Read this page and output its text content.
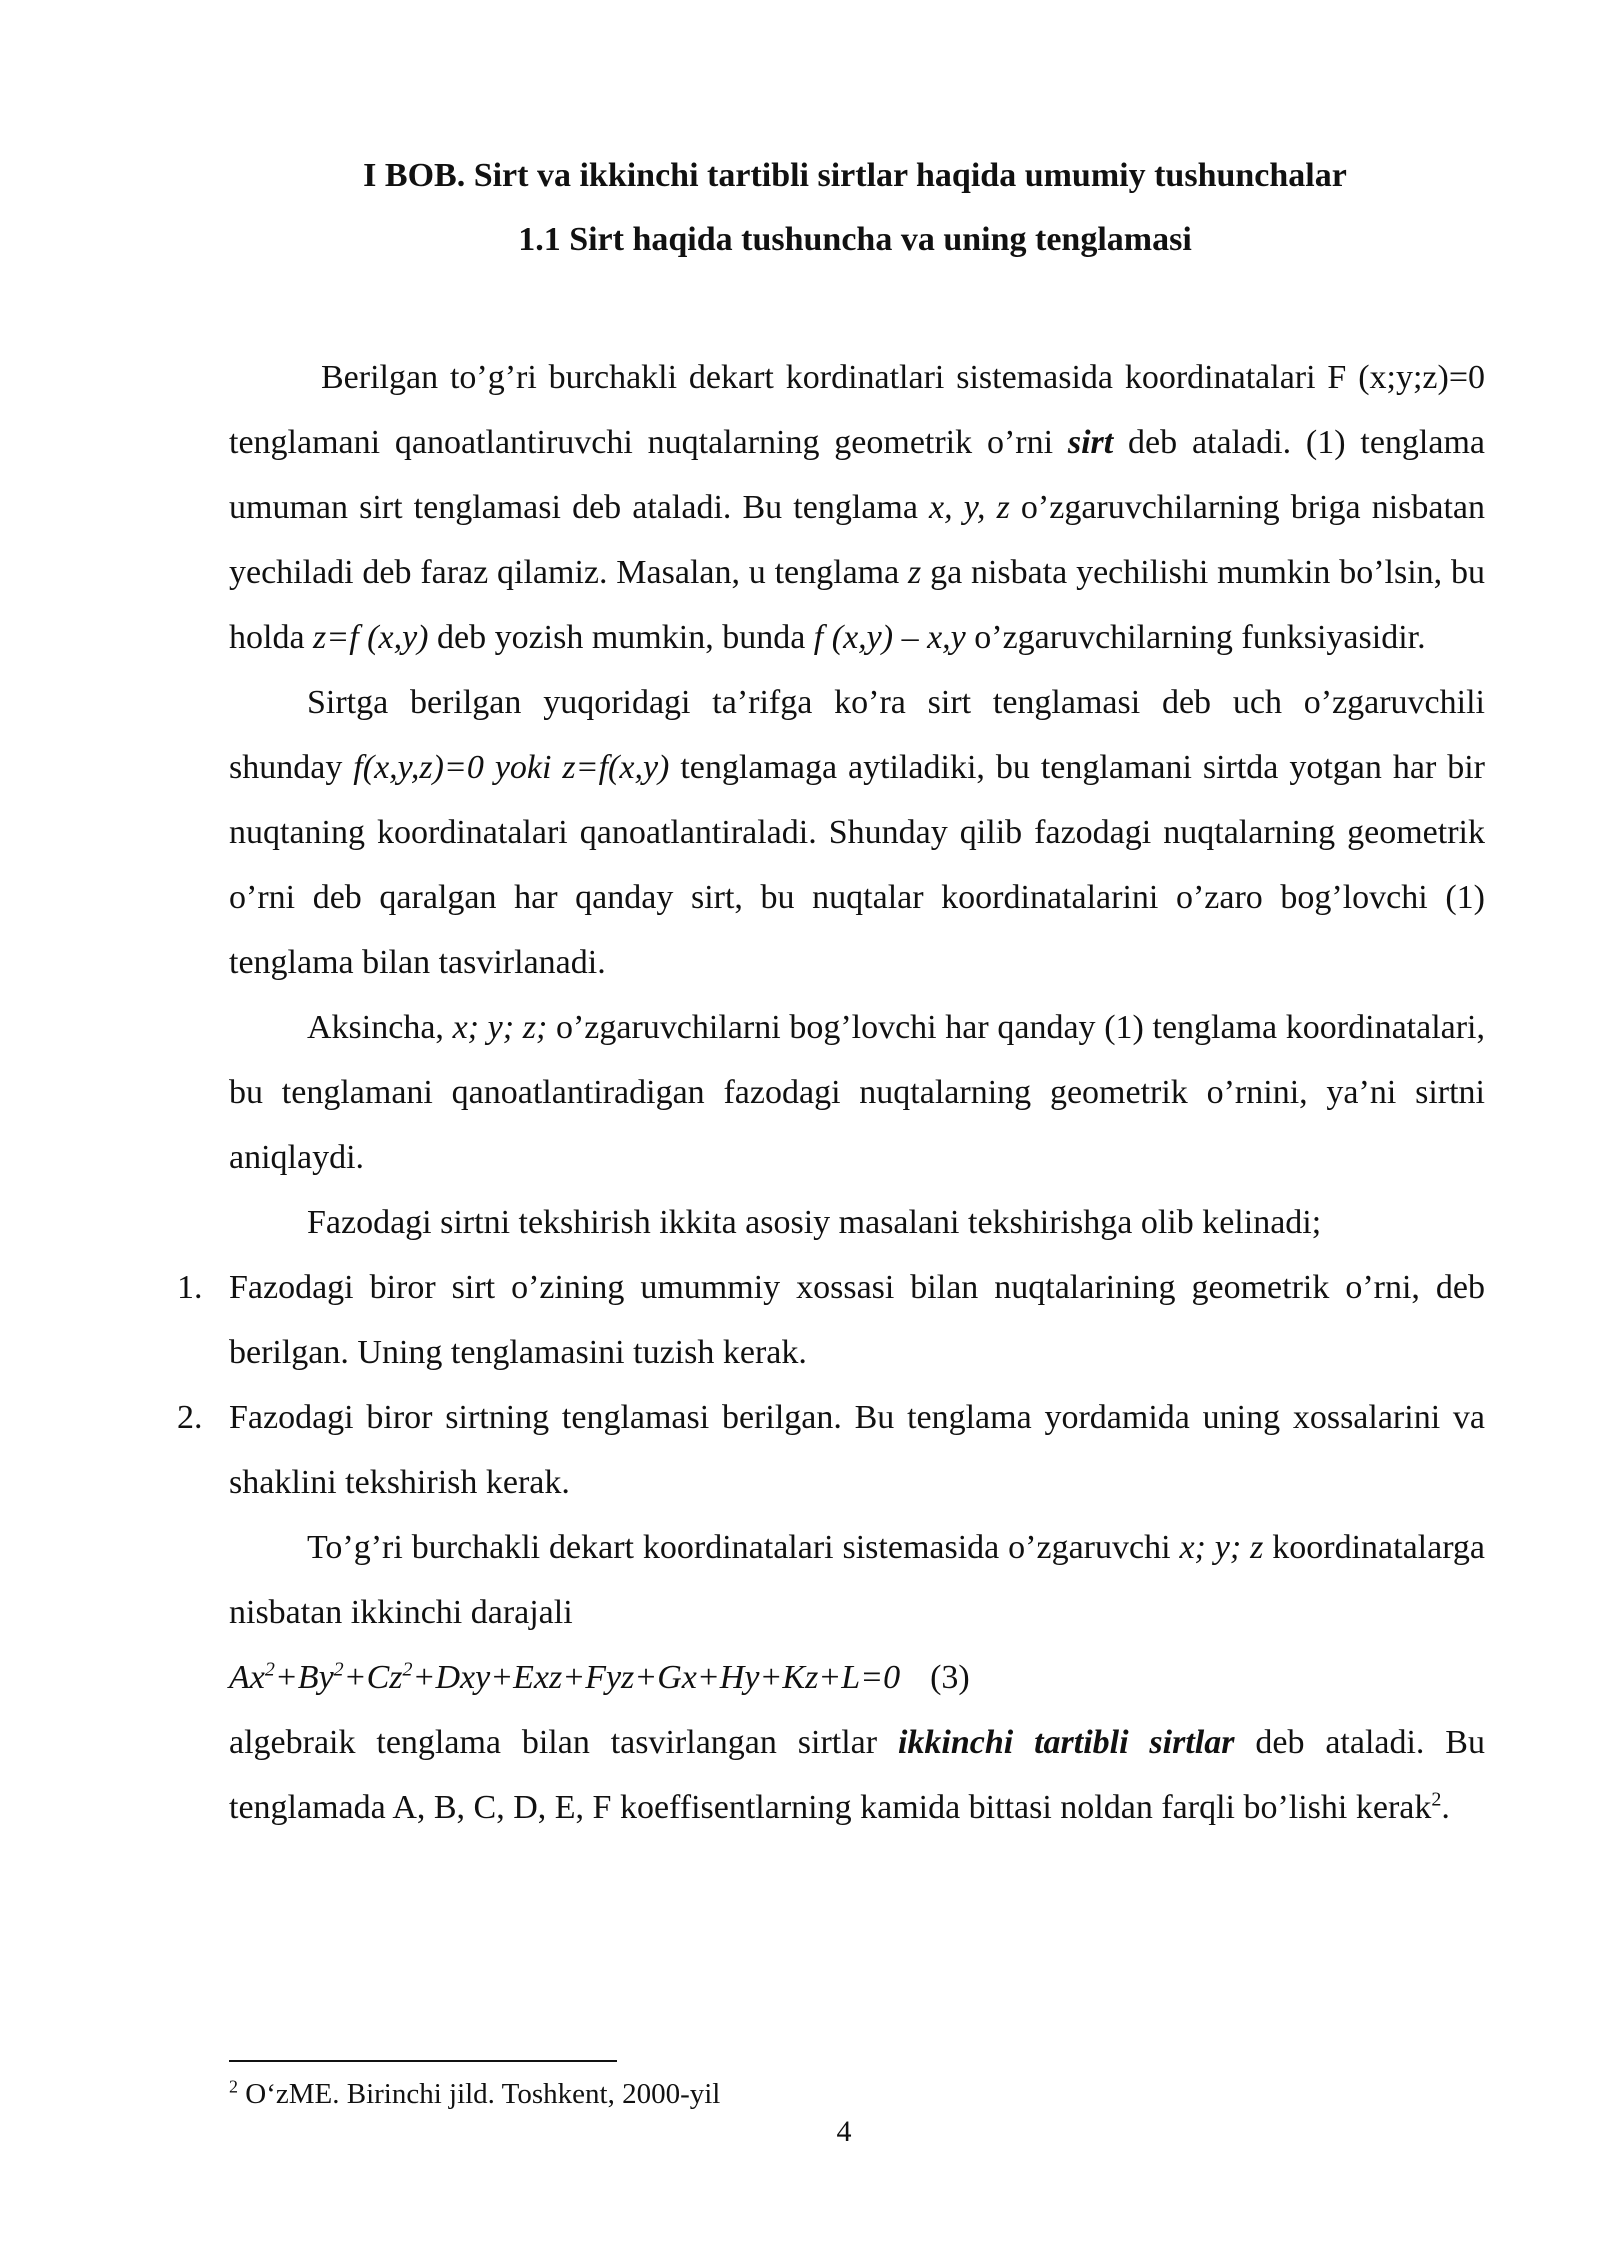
I BOB. Sirt va ikkinchi tartibli sirtlar haqida umumiy tushunchalar
1.1 Sirt haqida tushuncha va uning tenglamasi

Berilgan to’g’ri burchakli dekart kordinatlari sistemasida koordinatalari F (x;y;z)=0 tenglamani qanoatlantiruvchi nuqtalarning geometrik o’rni sirt deb ataladi. (1) tenglama umuman sirt tenglamasi deb ataladi. Bu tenglama x, y, z o’zgaruvchilarning briga nisbatan yechiladi deb faraz qilamiz. Masalan, u tenglama z ga nisbata yechilishi mumkin bo’lsin, bu holda z=f (x,y) deb yozish mumkin, bunda f (x,y) – x,y o’zgaruvchilarning funksiyasidir.

Sirtga berilgan yuqoridagi ta’rifga ko’ra sirt tenglamasi deb uch o’zgaruvchili shunday f(x,y,z)=0 yoki z=f(x,y) tenglamaga aytiladiki, bu tenglamani sirtda yotgan har bir nuqtaning koordinatalari qanoatlantiraladi. Shunday qilib fazodagi nuqtalarning geometrik o’rni deb qaralgan har qanday sirt, bu nuqtalar koordinatalarini o’zaro bog’lovchi (1) tenglama bilan tasvirlanadi.

Aksincha, x; y; z; o’zgaruvchilarni bog’lovchi har qanday (1) tenglama koordinatalari, bu tenglamani qanoatlantiradigan fazodagi nuqtalarning geometrik o’rnini, ya’ni sirtni aniqlaydi.

Fazodagi sirtni tekshirish ikkita asosiy masalani tekshirishga olib kelinadi;

1. Fazodagi biror sirt o’zining umummiy xossasi bilan nuqtalarining geometrik o’rni, deb berilgan. Uning tenglamasini tuzish kerak.
2. Fazodagi biror sirtning tenglamasi berilgan. Bu tenglama yordamida uning xossalarini va shaklini tekshirish kerak.

To’g’ri burchakli dekart koordinatalari sistemasida o’zgaruvchi x; y; z koordinatalarga nisbatan ikkinchi darajali

$Ax^2+By^2+Cz^2+Dxy+Exz+Fyz+Gx+Hy+Kz+L=0$ (3)

algebraik tenglama bilan tasvirlangan sirtlar ikkinchi tartibli sirtlar deb ataladi. Bu tenglamada A, B, C, D, E, F koeffisentlarning kamida bittasi noldan farqli bo’lishi kerak$^2$.

$^2$ O‘zME. Birinchi jild. Toshkent, 2000-yil
4
